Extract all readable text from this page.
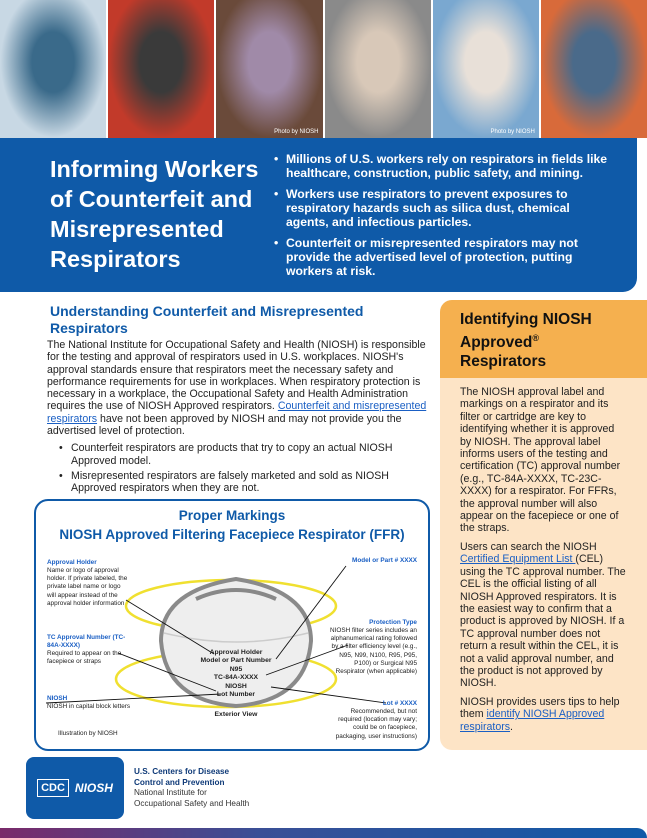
Photo by NIOSH	Photo by NIOSH
Informing Workers of Counterfeit and Misrepresented Respirators
• Millions of U.S. workers rely on respirators in fields like healthcare, construction, public safety, and mining.
• Workers use respirators to prevent exposures to respiratory hazards such as silica dust, chemical agents, and infectious particles.
• Counterfeit or misrepresented respirators may not provide the advertised level of protection, putting workers at risk.
Understanding Counterfeit and Misrepresented Respirators

The National Institute for Occupational Safety and Health (NIOSH) is responsible for the testing and approval of respirators used in U.S. workplaces. NIOSH's approval standards ensure that respirators meet the necessary safety and performance requirements for use in workplaces. When respiratory protection is necessary in a workplace, the Occupational Safety and Health Administration requires the use of NIOSH Approved respirators. Counterfeit and misrepresented respirators have not been approved by NIOSH and may not provide you the advertised level of protection.

• Counterfeit respirators are products that try to copy an actual NIOSH Approved model.
• Misrepresented respirators are falsely marketed and sold as NIOSH Approved respirators when they are not.
Proper Markings
NIOSH Approved Filtering Facepiece Respirator (FFR)
Approval Holder
Name or logo of approval holder. If private labeled, the private label name or logo will appear instead of the approval holder information
TC Approval Number (TC-84A-XXXX)
Required to appear on the facepiece or straps
NIOSH
NIOSH in capital block letters
Illustration by NIOSH
Model or Part # XXXX
Protection Type
NIOSH filter series includes an alphanumerical rating followed by a filter efficiency level (e.g., N95, N99, N100, R95, P95, P100) or Surgical N95 Respirator (when applicable)
Lot # XXXX
Recommended, but not required (location may vary; could be on facepiece, packaging, user instructions)
Approval Holder
Model or Part Number
N95
TC-84A-XXXX
NIOSH
Lot Number
Exterior View
Identifying NIOSH Approved®
Respirators

The NIOSH approval label and markings on a respirator and its filter or cartridge are key to identifying whether it is approved by NIOSH. The approval label informs users of the testing and certification (TC) approval number (e.g., TC-84A-XXXX, TC-23C-XXXX) for a respirator. For FFRs, the approval number will also appear on the facepiece or one of the straps.

Users can search the NIOSH Certified Equipment List (CEL) using the TC approval number. The CEL is the official listing of all NIOSH Approved respirators. It is the easiest way to confirm that a product is approved by NIOSH. If a TC approval number does not return a result within the CEL, it is not a valid approval number, and the product is not approved by NIOSH.

NIOSH provides users tips to help them identify NIOSH Approved respirators.

CDC NIOSH
U.S. Centers for Disease
Control and Prevention
National Institute for
Occupational Safety and Health
